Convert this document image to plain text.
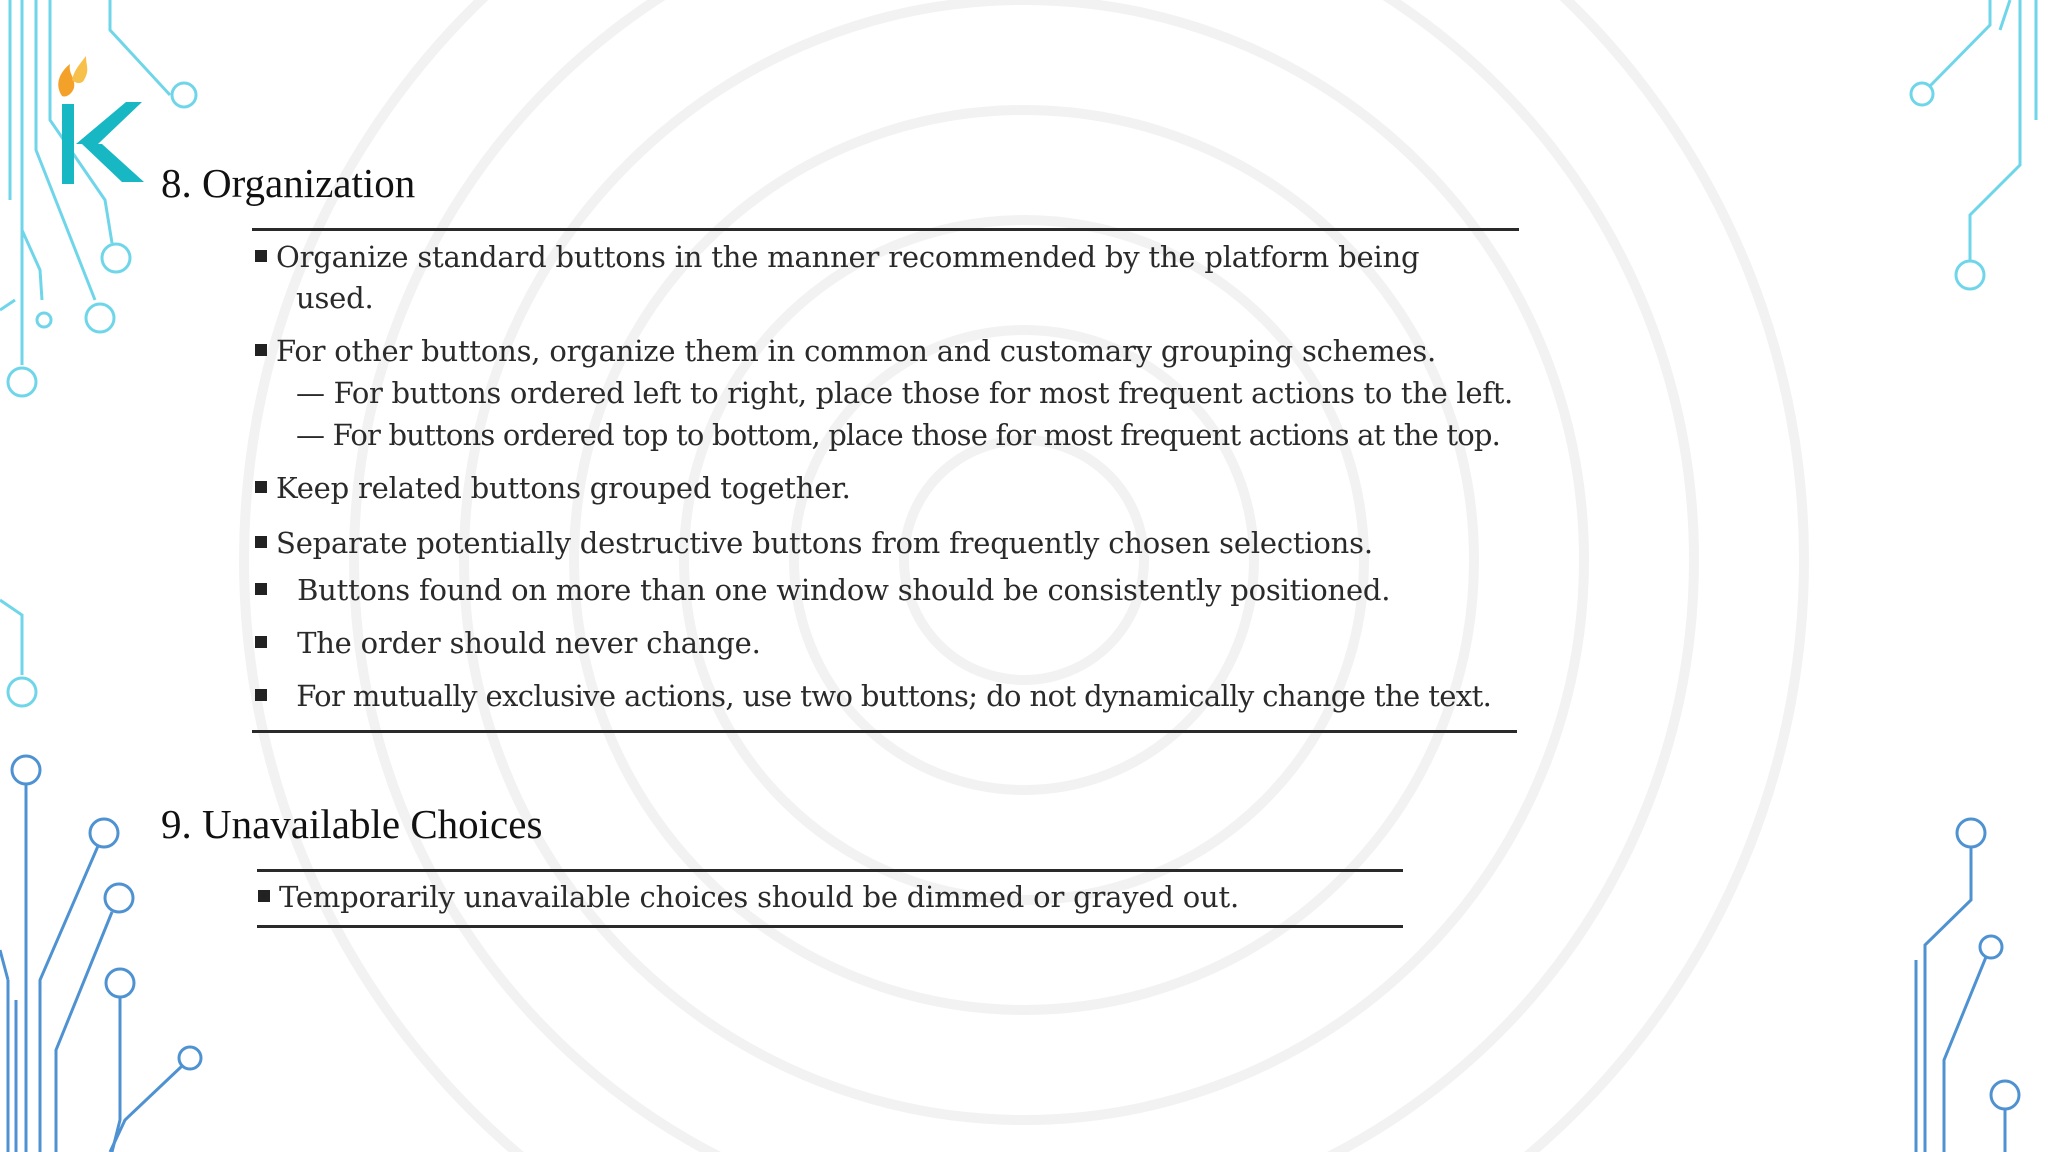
8. Organization
Organize standard buttons in the manner recommended by the platform being
used.
For other buttons, organize them in common and customary grouping schemes.
— For buttons ordered left to right, place those for most frequent actions to the left.
— For buttons ordered top to bottom, place those for most frequent actions at the top.
Keep related buttons grouped together.
Separate potentially destructive buttons from frequently chosen selections.
Buttons found on more than one window should be consistently positioned.
The order should never change.
For mutually exclusive actions, use two buttons; do not dynamically change the text.
9. Unavailable Choices
Temporarily unavailable choices should be dimmed or grayed out.
